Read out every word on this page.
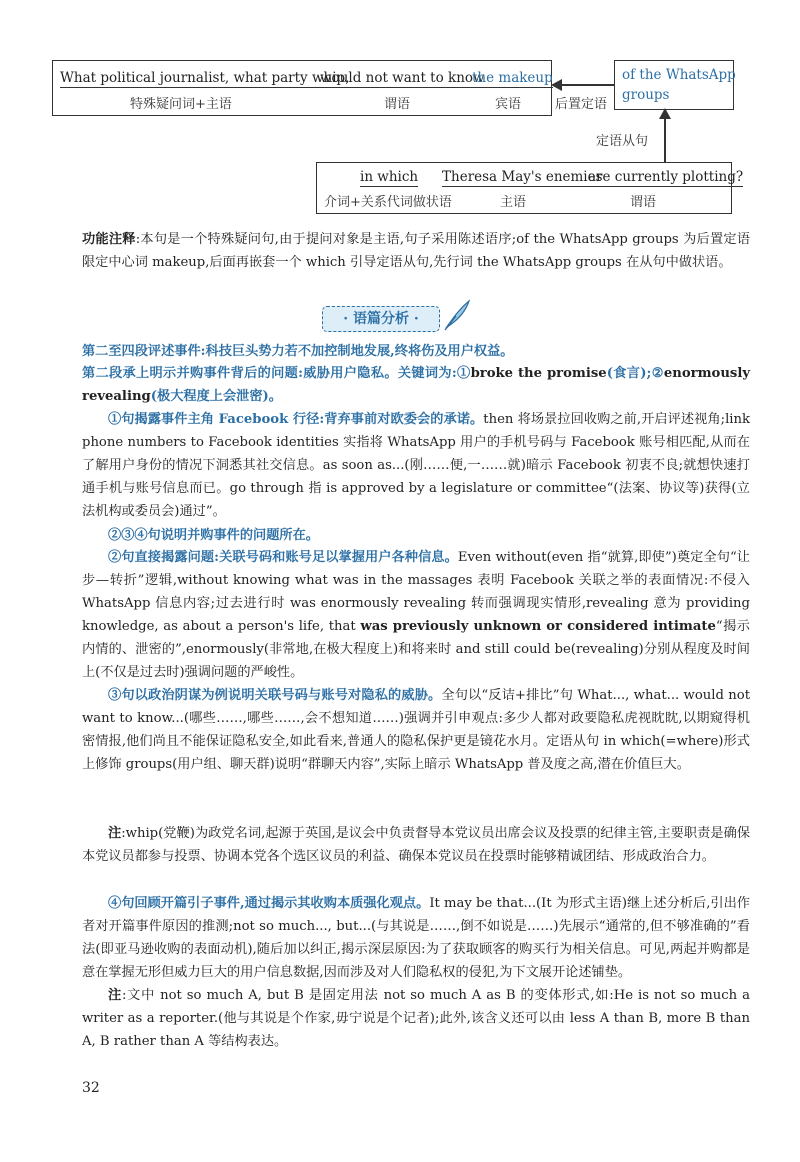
What political journalist, what party whip,
would not want to know
the makeup
特殊疑问词+主语	谓语	宾语
of the WhatsApp
groups
后置定语
定语从句
in which Theresa May's enemies
are currently plotting?
介词+关系代词做状语	主语	谓语
功能注释:本句是一个特殊疑问句,由于提问对象是主语,句子采用陈述语序;of the WhatsApp groups 为后置定语限定中心词 makeup,后面再嵌套一个 which 引导定语从句,先行词 the WhatsApp groups 在从句中做状语。
· 语篇分析 ·
第二至四段评述事件:科技巨头势力若不加控制地发展,终将伤及用户权益。
第二段承上明示并购事件背后的问题:威胁用户隐私。关键词为:①broke the promise(食言);②enormously revealing(极大程度上会泄密)。
①句揭露事件主角 Facebook 行径:背弃事前对欧委会的承诺。then 将场景拉回收购之前,开启评述视角;link phone numbers to Facebook identities 实指将 WhatsApp 用户的手机号码与 Facebook 账号相匹配,从而在了解用户身份的情况下洞悉其社交信息。as soon as...(刚……便,一……就)暗示 Facebook 初衷不良;就想快速打通手机与账号信息而已。go through 指 is approved by a legislature or committee“(法案、协议等)获得(立法机构或委员会)通过”。
②③④句说明并购事件的问题所在。
②句直接揭露问题:关联号码和账号足以掌握用户各种信息。Even without(even 指“就算,即使”)奠定全句“让步—转折”逻辑,without knowing what was in the massages 表明 Facebook 关联之举的表面情况:不侵入 WhatsApp 信息内容;过去进行时 was enormously revealing 转而强调现实情形,revealing 意为 providing knowledge, as about a person's life, that was previously unknown or considered intimate“揭示内情的、泄密的”,enormously(非常地,在极大程度上)和将来时 and still could be(revealing)分别从程度及时间上(不仅是过去时)强调问题的严峻性。
③句以政治阴谋为例说明关联号码与账号对隐私的威胁。全句以“反诘+排比”句 What..., what... would not want to know...(哪些……,哪些……,会不想知道……)强调并引申观点:多少人都对政要隐私虎视眈眈,以期窥得机密情报,他们尚且不能保证隐私安全,如此看来,普通人的隐私保护更是镜花水月。定语从句 in which(=where)形式上修饰 groups(用户组、聊天群)说明“群聊天内容”,实际上暗示 WhatsApp 普及度之高,潜在价值巨大。
注:whip(党鞭)为政党名词,起源于英国,是议会中负责督导本党议员出席会议及投票的纪律主管,主要职责是确保本党议员都参与投票、协调本党各个选区议员的利益、确保本党议员在投票时能够精诚团结、形成政治合力。
④句回顾开篇引子事件,通过揭示其收购本质强化观点。It may be that...(It 为形式主语)继上述分析后,引出作者对开篇事件原因的推测;not so much..., but...(与其说是……,倒不如说是……)先展示“通常的,但不够准确的”看法(即亚马逊收购的表面动机),随后加以纠正,揭示深层原因:为了获取顾客的购买行为相关信息。可见,两起并购都是意在掌握无形但威力巨大的用户信息数据,因而涉及对人们隐私权的侵犯,为下文展开论述铺垫。
注:文中 not so much A, but B 是固定用法 not so much A as B 的变体形式,如:He is not so much a writer as a reporter.(他与其说是个作家,毋宁说是个记者);此外,该含义还可以由 less A than B, more B than A, B rather than A 等结构表达。
32
